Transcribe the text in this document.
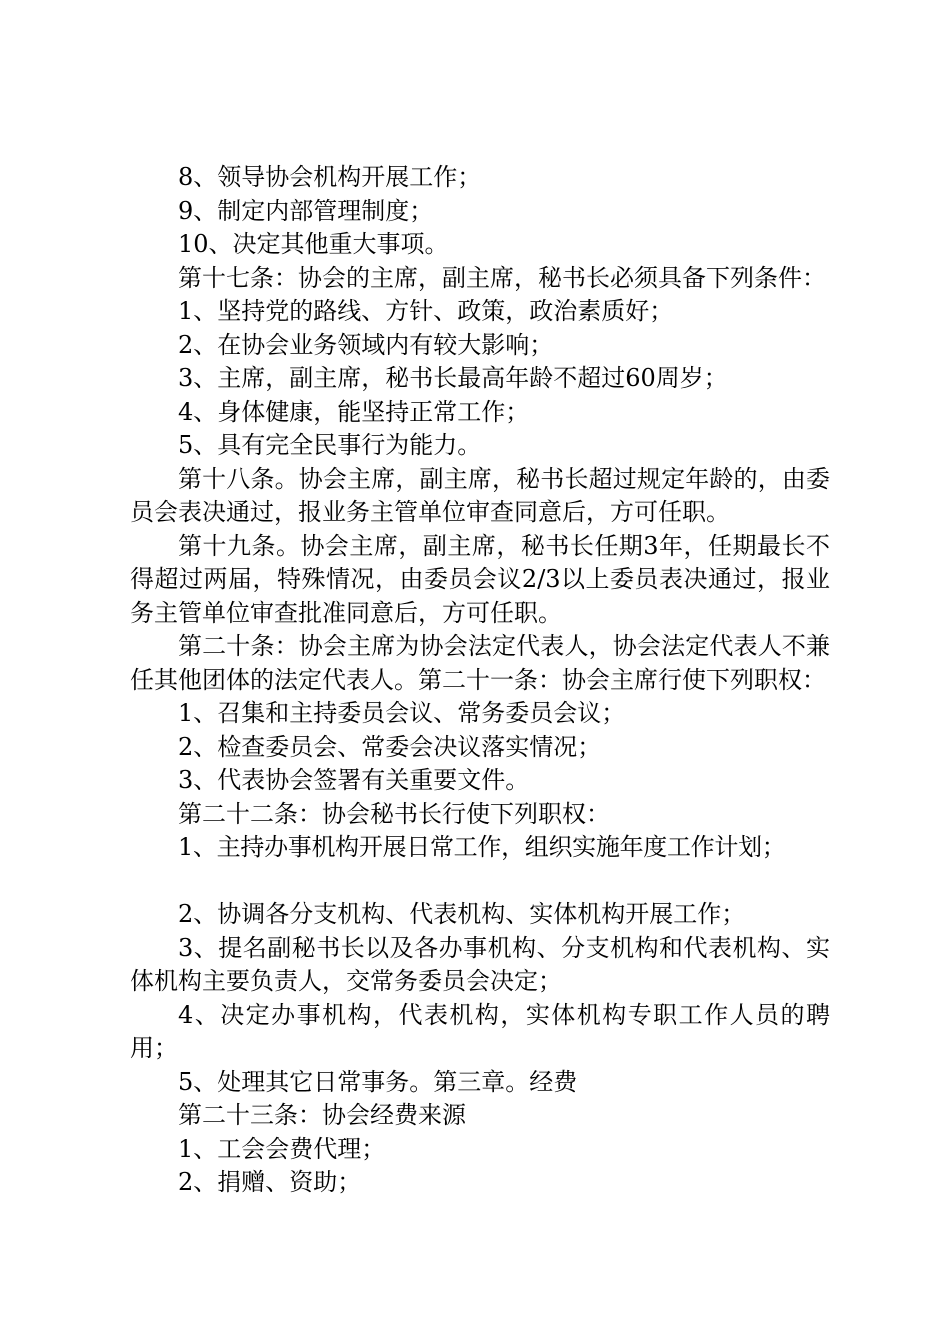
8、领导协会机构开展工作；

9、制定内部管理制度；

10、决定其他重大事项。

第十七条：协会的主席，副主席，秘书长必须具备下列条件：

1、坚持党的路线、方针、政策，政治素质好；

2、在协会业务领域内有较大影响；

3、主席，副主席，秘书长最高年龄不超过60周岁；

4、身体健康，能坚持正常工作；

5、具有完全民事行为能力。

第十八条。协会主席，副主席，秘书长超过规定年龄的，由委员会表决通过，报业务主管单位审查同意后，方可任职。

第十九条。协会主席，副主席，秘书长任期3年，任期最长不得超过两届，特殊情况，由委员会议2/3以上委员表决通过，报业务主管单位审查批准同意后，方可任职。

第二十条：协会主席为协会法定代表人，协会法定代表人不兼任其他团体的法定代表人。第二十一条：协会主席行使下列职权：

1、召集和主持委员会议、常务委员会议；

2、检查委员会、常委会决议落实情况；

3、代表协会签署有关重要文件。

第二十二条：协会秘书长行使下列职权：

1、主持办事机构开展日常工作，组织实施年度工作计划；

2、协调各分支机构、代表机构、实体机构开展工作；

3、提名副秘书长以及各办事机构、分支机构和代表机构、实体机构主要负责人，交常务委员会决定；

4、决定办事机构，代表机构，实体机构专职工作人员的聘用；

5、处理其它日常事务。第三章。经费

第二十三条：协会经费来源

1、工会会费代理；

2、捐赠、资助；
